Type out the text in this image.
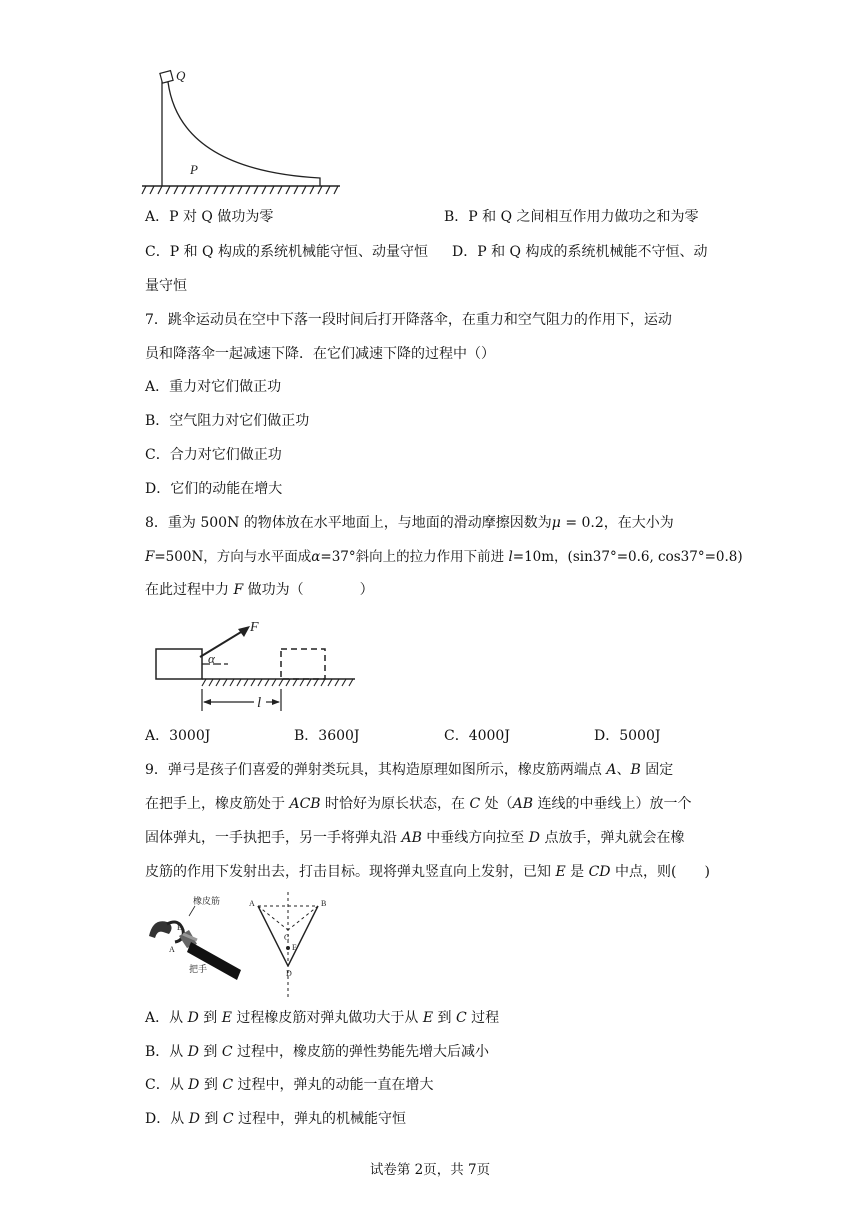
Q
P
A．P 对 Q 做功为零	B．P 和 Q 之间相互作用力做功之和为零
C．P 和 Q 构成的系统机械能守恒、动量守恒 D．P 和 Q 构成的系统机械能不守恒、动
量守恒
7．跳伞运动员在空中下落一段时间后打开降落伞，在重力和空气阻力的作用下，运动
员和降落伞一起减速下降．在它们减速下降的过程中（）
A．重力对它们做正功
B．空气阻力对它们做正功
C．合力对它们做正功
D．它们的动能在增大
8．重为 500N 的物体放在水平地面上，与地面的滑动摩擦因数为μ = 0.2，在大小为
F=500N，方向与水平面成α=37°斜向上的拉力作用下前进 l=10m，(sin37°=0.6, cos37°=0.8)
在此过程中力 F 做功为（　　　　）
F
α
l
A．3000J	B．3600J	C．4000J	D．5000J
9．弹弓是孩子们喜爱的弹射类玩具，其构造原理如图所示，橡皮筋两端点 A、B 固定
在把手上，橡皮筋处于 ACB 时恰好为原长状态，在 C 处（AB 连线的中垂线上）放一个
固体弹丸，一手执把手，另一手将弹丸沿 AB 中垂线方向拉至 D 点放手，弹丸就会在橡
皮筋的作用下发射出去，打击目标。现将弹丸竖直向上发射，已知 E 是 CD 中点，则(　　)
橡皮筋
把手
B
A
A	B
C
E
D
A．从 D 到 E 过程橡皮筋对弹丸做功大于从 E 到 C 过程
B．从 D 到 C 过程中，橡皮筋的弹性势能先增大后减小
C．从 D 到 C 过程中，弹丸的动能一直在增大
D．从 D 到 C 过程中，弹丸的机械能守恒
试卷第 2页，共 7页
